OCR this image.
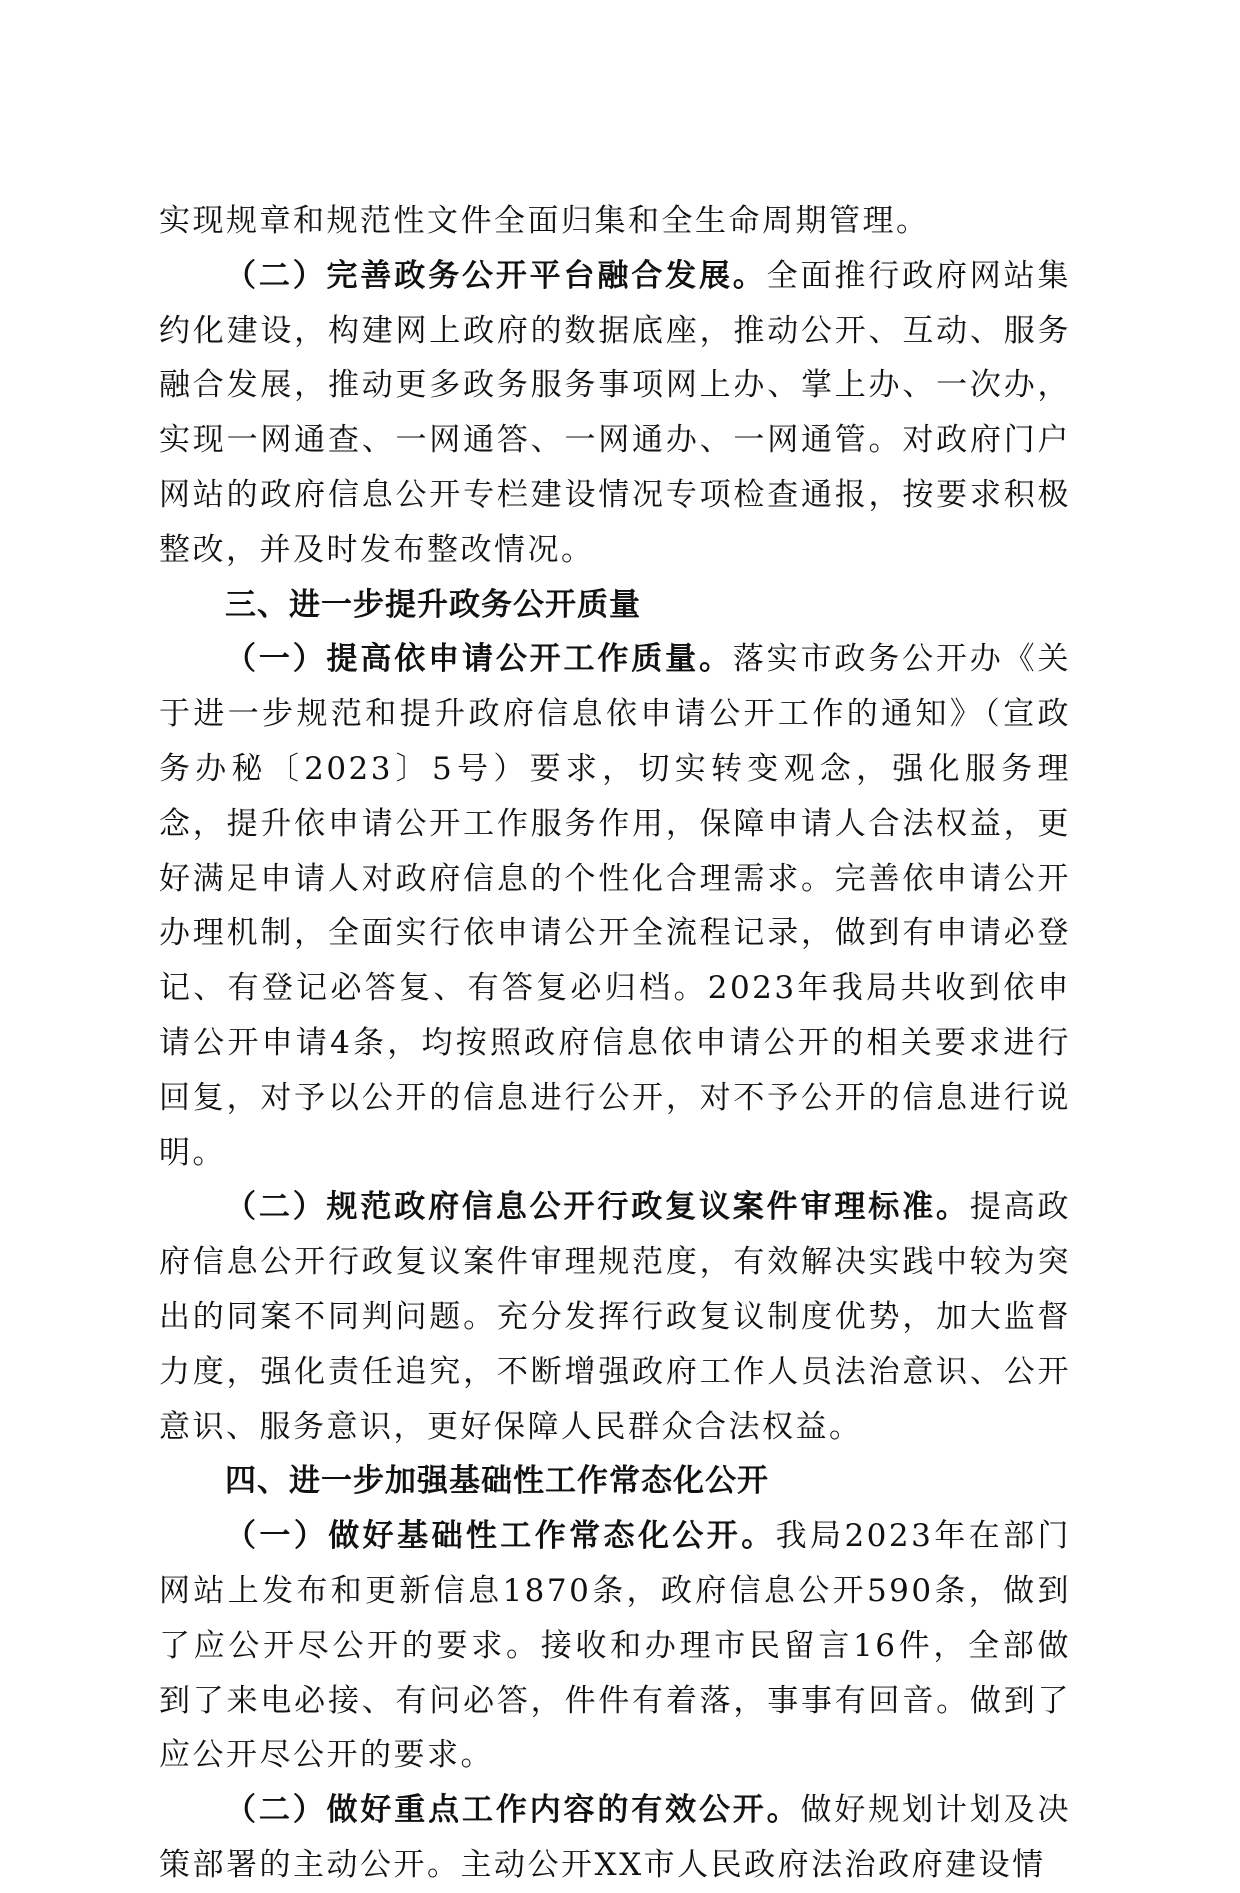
实现规章和规范性文件全面归集和全生命周期管理。

（二）完善政务公开平台融合发展。全面推行政府网站集约化建设，构建网上政府的数据底座，推动公开、互动、服务融合发展，推动更多政务服务事项网上办、掌上办、一次办，实现一网通查、一网通答、一网通办、一网通管。对政府门户网站的政府信息公开专栏建设情况专项检查通报，按要求积极整改，并及时发布整改情况。

三、进一步提升政务公开质量

（一）提高依申请公开工作质量。落实市政务公开办《关于进一步规范和提升政府信息依申请公开工作的通知》（宣政务办秘〔2023〕5号）要求，切实转变观念，强化服务理念，提升依申请公开工作服务作用，保障申请人合法权益，更好满足申请人对政府信息的个性化合理需求。完善依申请公开办理机制，全面实行依申请公开全流程记录，做到有申请必登记、有登记必答复、有答复必归档。2023年我局共收到依申请公开申请4条，均按照政府信息依申请公开的相关要求进行回复，对予以公开的信息进行公开，对不予公开的信息进行说明。

（二）规范政府信息公开行政复议案件审理标准。提高政府信息公开行政复议案件审理规范度，有效解决实践中较为突出的同案不同判问题。充分发挥行政复议制度优势，加大监督力度，强化责任追究，不断增强政府工作人员法治意识、公开意识、服务意识，更好保障人民群众合法权益。

四、进一步加强基础性工作常态化公开

（一）做好基础性工作常态化公开。我局2023年在部门网站上发布和更新信息1870条，政府信息公开590条，做到了应公开尽公开的要求。接收和办理市民留言16件，全部做到了来电必接、有问必答，件件有着落，事事有回音。做到了应公开尽公开的要求。

（二）做好重点工作内容的有效公开。做好规划计划及决策部署的主动公开。主动公开XX市人民政府法治政府建设情
